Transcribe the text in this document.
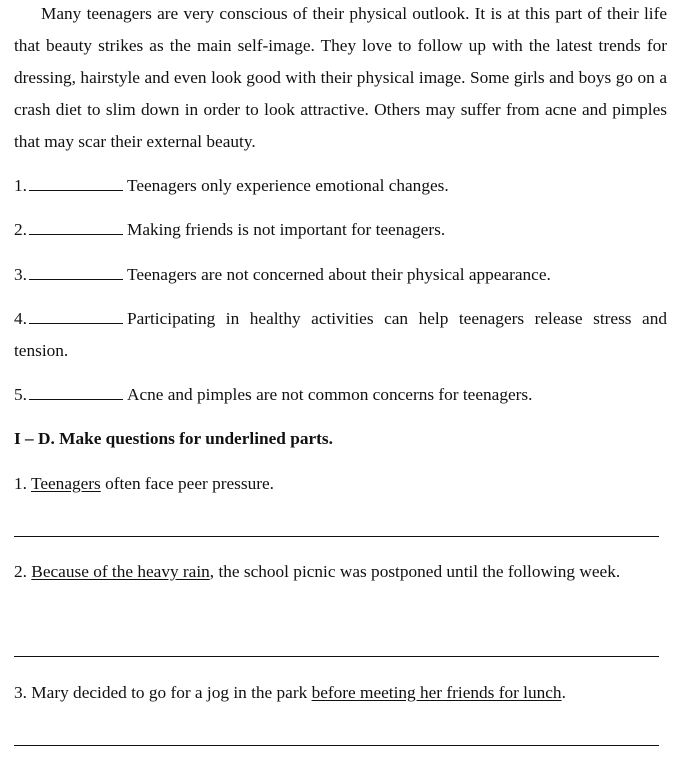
Many teenagers are very conscious of their physical outlook. It is at this part of their life that beauty strikes as the main self-image. They love to follow up with the latest trends for dressing, hairstyle and even look good with their physical image. Some girls and boys go on a crash diet to slim down in order to look attractive. Others may suffer from acne and pimples that may scar their external beauty.

1.	Teenagers only experience emotional changes.
2.	Making friends is not important for teenagers.
3.	Teenagers are not concerned about their physical appearance.
4.	Participating in healthy activities can help teenagers release stress and tension.
5.	Acne and pimples are not common concerns for teenagers.
I – D. Make questions for underlined parts.
1. Teenagers often face peer pressure.
2. Because of the heavy rain, the school picnic was postponed until the following week.
3. Mary decided to go for a jog in the park before meeting her friends for lunch.
